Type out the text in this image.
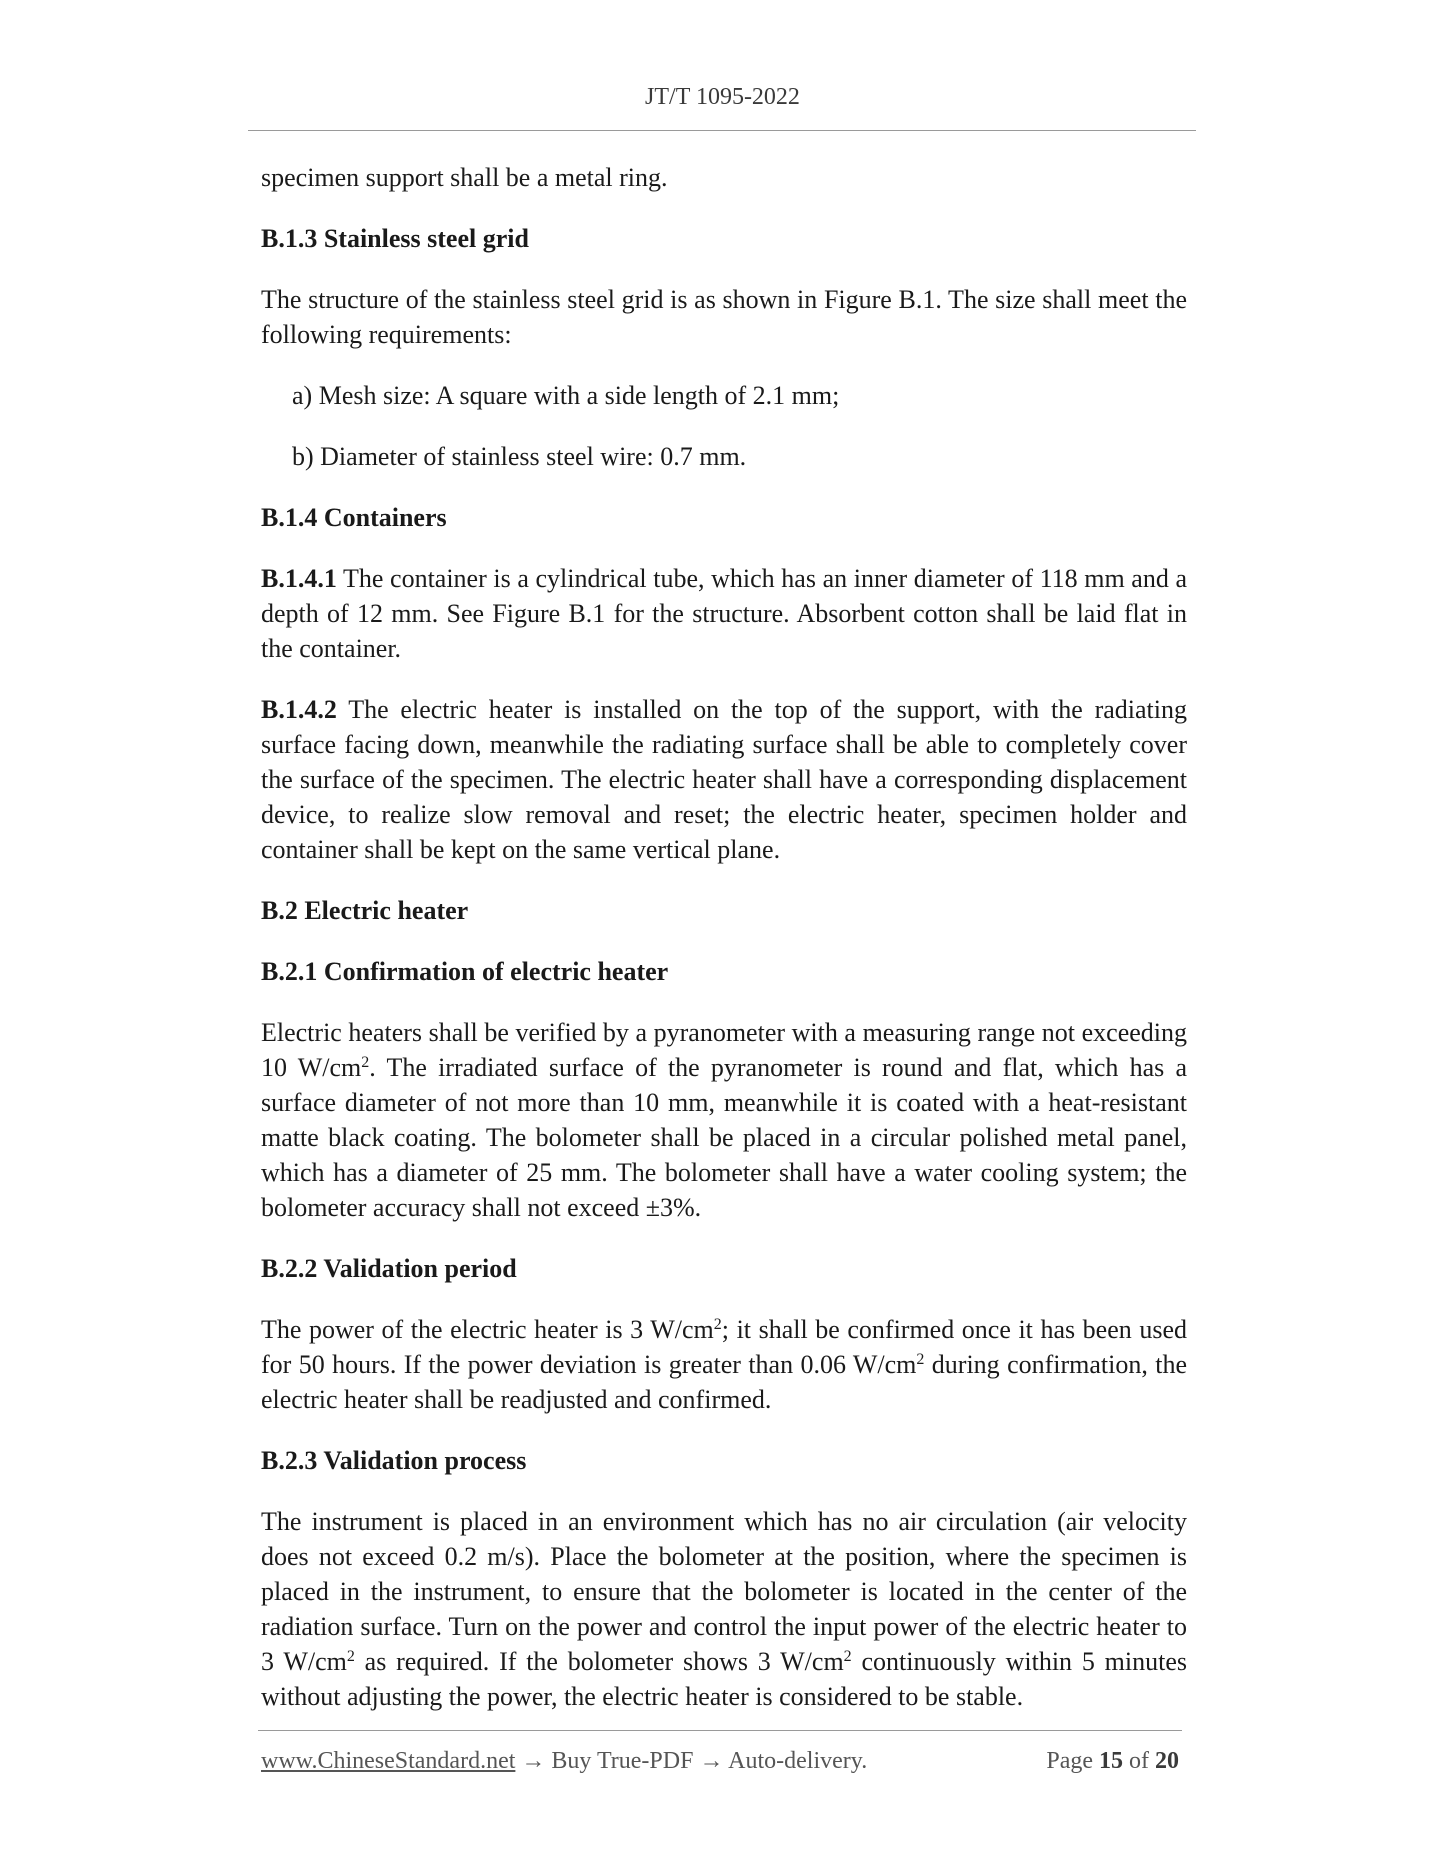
JT/T 1095-2022

specimen support shall be a metal ring.

B.1.3 Stainless steel grid

The structure of the stainless steel grid is as shown in Figure B.1. The size shall meet the following requirements:

a) Mesh size: A square with a side length of 2.1 mm;

b) Diameter of stainless steel wire: 0.7 mm.

B.1.4 Containers

B.1.4.1 The container is a cylindrical tube, which has an inner diameter of 118 mm and a depth of 12 mm. See Figure B.1 for the structure. Absorbent cotton shall be laid flat in the container.

B.1.4.2 The electric heater is installed on the top of the support, with the radiating surface facing down, meanwhile the radiating surface shall be able to completely cover the surface of the specimen. The electric heater shall have a corresponding displacement device, to realize slow removal and reset; the electric heater, specimen holder and container shall be kept on the same vertical plane.

B.2 Electric heater
B.2.1 Confirmation of electric heater

Electric heaters shall be verified by a pyranometer with a measuring range not exceeding 10 $W/cm^2$. The irradiated surface of the pyranometer is round and flat, which has a surface diameter of not more than 10 mm, meanwhile it is coated with a heat-resistant matte black coating. The bolometer shall be placed in a circular polished metal panel, which has a diameter of 25 mm. The bolometer shall have a water cooling system; the bolometer accuracy shall not exceed ±3%.

B.2.2 Validation period

The power of the electric heater is 3 $W/cm^2$; it shall be confirmed once it has been used for 50 hours. If the power deviation is greater than 0.06 $W/cm^2$ during confirmation, the electric heater shall be readjusted and confirmed.

B.2.3 Validation process

The instrument is placed in an environment which has no air circulation (air velocity does not exceed 0.2 m/s). Place the bolometer at the position, where the specimen is placed in the instrument, to ensure that the bolometer is located in the center of the radiation surface. Turn on the power and control the input power of the electric heater to 3 $W/cm^2$ as required. If the bolometer shows 3 $W/cm^2$ continuously within 5 minutes without adjusting the power, the electric heater is considered to be stable.

www.ChineseStandard.net → Buy True-PDF → Auto-delivery.	Page 15 of 20
